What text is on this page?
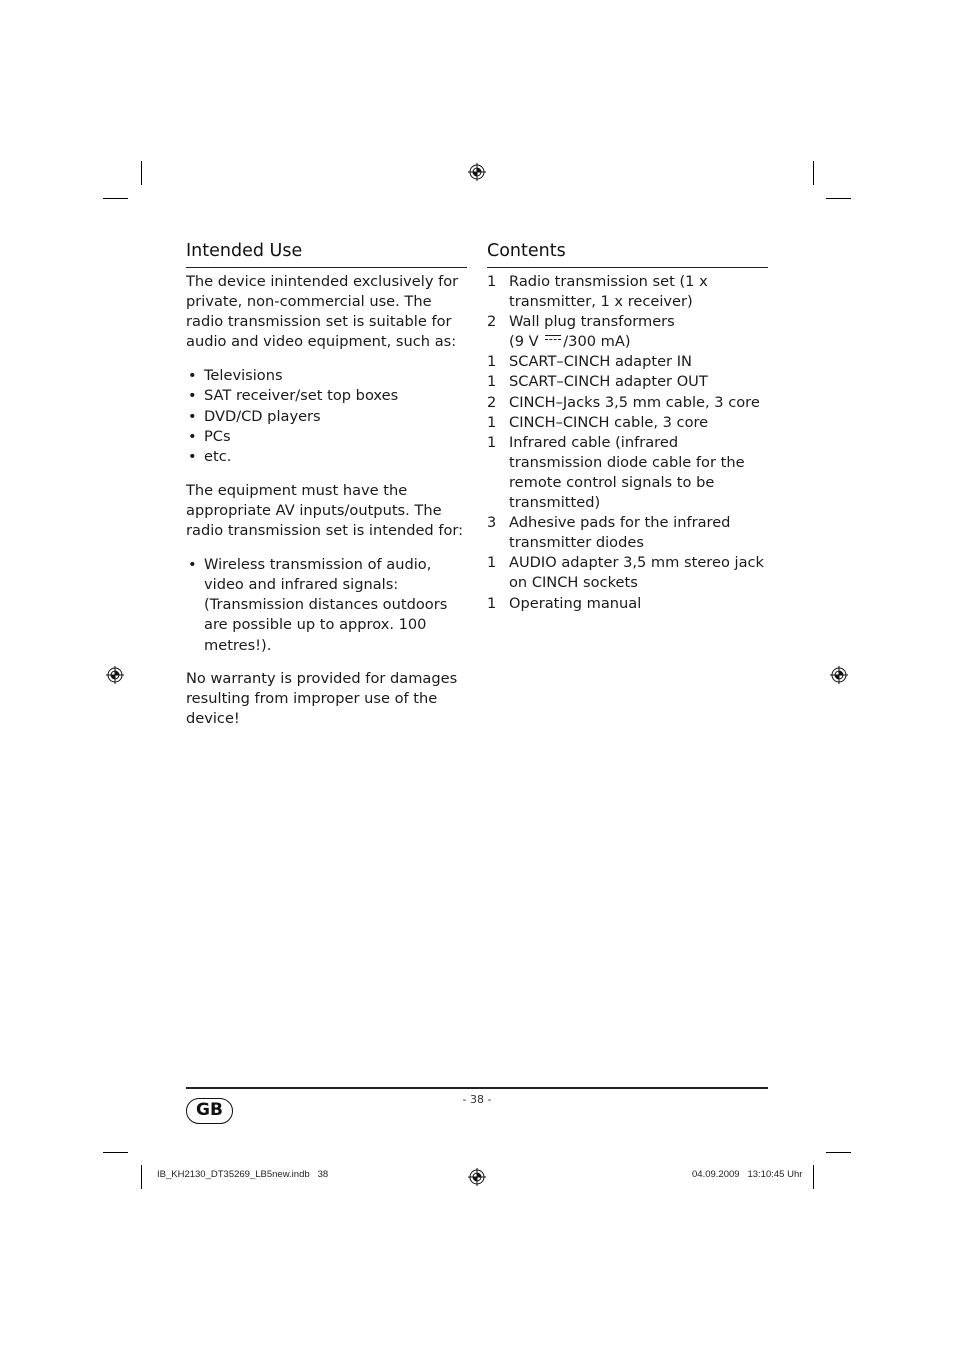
Intended Use

The device inintended exclusively for private, non-commercial use. The radio transmission set is suitable for audio and video equipment, such as:

• Televisions
• SAT receiver/set top boxes
• DVD/CD players
• PCs
• etc.

The equipment must have the appropriate AV inputs/outputs. The radio transmission set is intended for:

• Wireless transmission of audio, video and infrared signals:
(Transmission distances outdoors are possible up to approx. 100 metres!).

No warranty is provided for damages resulting from improper use of the device!

Contents
1 Radio transmission set (1 x transmitter, 1 x receiver)
2 Wall plug transformers
(9 V /300 mA)
1 SCART–CINCH adapter IN
1 SCART–CINCH adapter OUT
2 CINCH–Jacks 3,5 mm cable, 3 core
1 CINCH–CINCH cable, 3 core
1 Infrared cable (infrared transmission diode cable for the remote control signals to be transmitted)
3 Adhesive pads for the infrared transmitter diodes
1 AUDIO adapter 3,5 mm stereo jack on CINCH sockets
1 Operating manual
- 38 -
GB
IB_KH2130_DT35269_LB5new.indb   38	04.09.2009   13:10:45 Uhr
